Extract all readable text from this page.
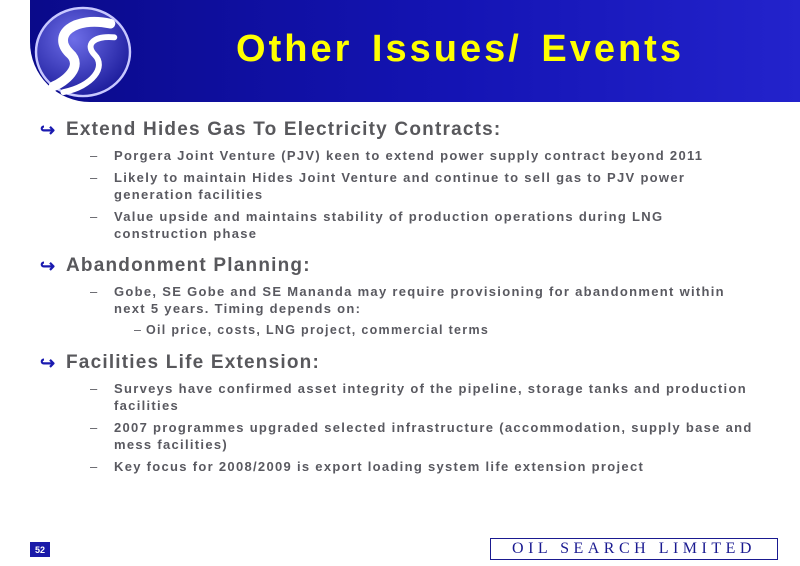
Other Issues/ Events
↪ Extend Hides Gas To Electricity Contracts:
–	Porgera Joint Venture (PJV) keen to extend power supply contract beyond 2011
–	Likely to maintain Hides Joint Venture and continue to sell gas to PJV power generation facilities
–	Value upside and maintains stability of production operations during LNG construction phase
↪ Abandonment Planning:
–	Gobe, SE Gobe and SE Mananda may require provisioning for abandonment within next 5 years. Timing depends on:
– Oil price, costs, LNG project, commercial terms
↪ Facilities Life Extension:
–	Surveys have confirmed asset integrity of the pipeline, storage tanks and production facilities
–	2007 programmes upgraded selected infrastructure (accommodation, supply base and mess facilities)
–	Key focus for 2008/2009 is export loading system life extension project
52	OIL SEARCH LIMITED
